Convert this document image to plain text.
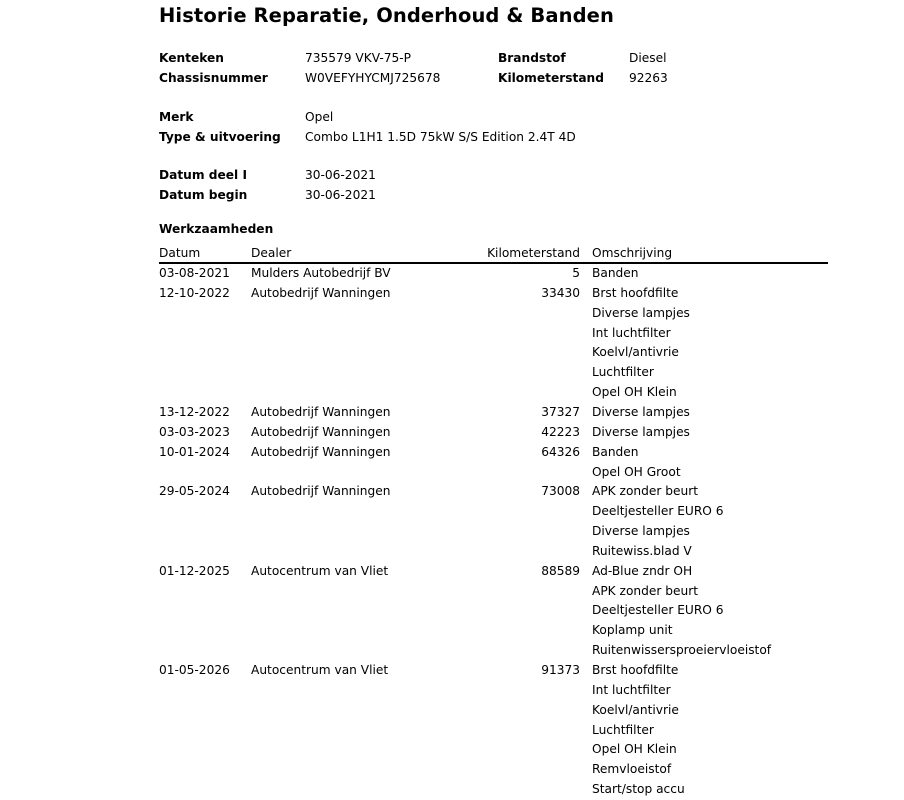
Historie Reparatie, Onderhoud & Banden
Kenteken	735579 VKV-75-P	Brandstof	Diesel
Chassisnummer	W0VEFYHYCMJ725678	Kilometerstand 92263
Merk	Opel
Type & uitvoering Combo L1H1 1.5D 75kW S/S Edition 2.4T 4D
Datum deel I	30-06-2021
Datum begin	30-06-2021
Werkzaamheden
Datum	Dealer	Kilometerstand Omschrijving
03-08-2021 Mulders Autobedrijf BV	5 Banden
12-10-2022 Autobedrijf Wanningen	33430 Brst hoofdfilte
Diverse lampjes
Int luchtfilter
Koelvl/antivrie
Luchtfilter
Opel OH Klein
13-12-2022 Autobedrijf Wanningen	37327 Diverse lampjes
03-03-2023 Autobedrijf Wanningen	42223 Diverse lampjes
10-01-2024 Autobedrijf Wanningen	64326 Banden
Opel OH Groot
29-05-2024 Autobedrijf Wanningen	73008 APK zonder beurt
Deeltjesteller EURO 6
Diverse lampjes
Ruitewiss.blad V
01-12-2025 Autocentrum van Vliet	88589 Ad-Blue zndr OH
APK zonder beurt
Deeltjesteller EURO 6
Koplamp unit
Ruitenwissersproeiervloeistof
01-05-2026 Autocentrum van Vliet	91373 Brst hoofdfilte
Int luchtfilter
Koelvl/antivrie
Luchtfilter
Opel OH Klein
Remvloeistof
Start/stop accu
